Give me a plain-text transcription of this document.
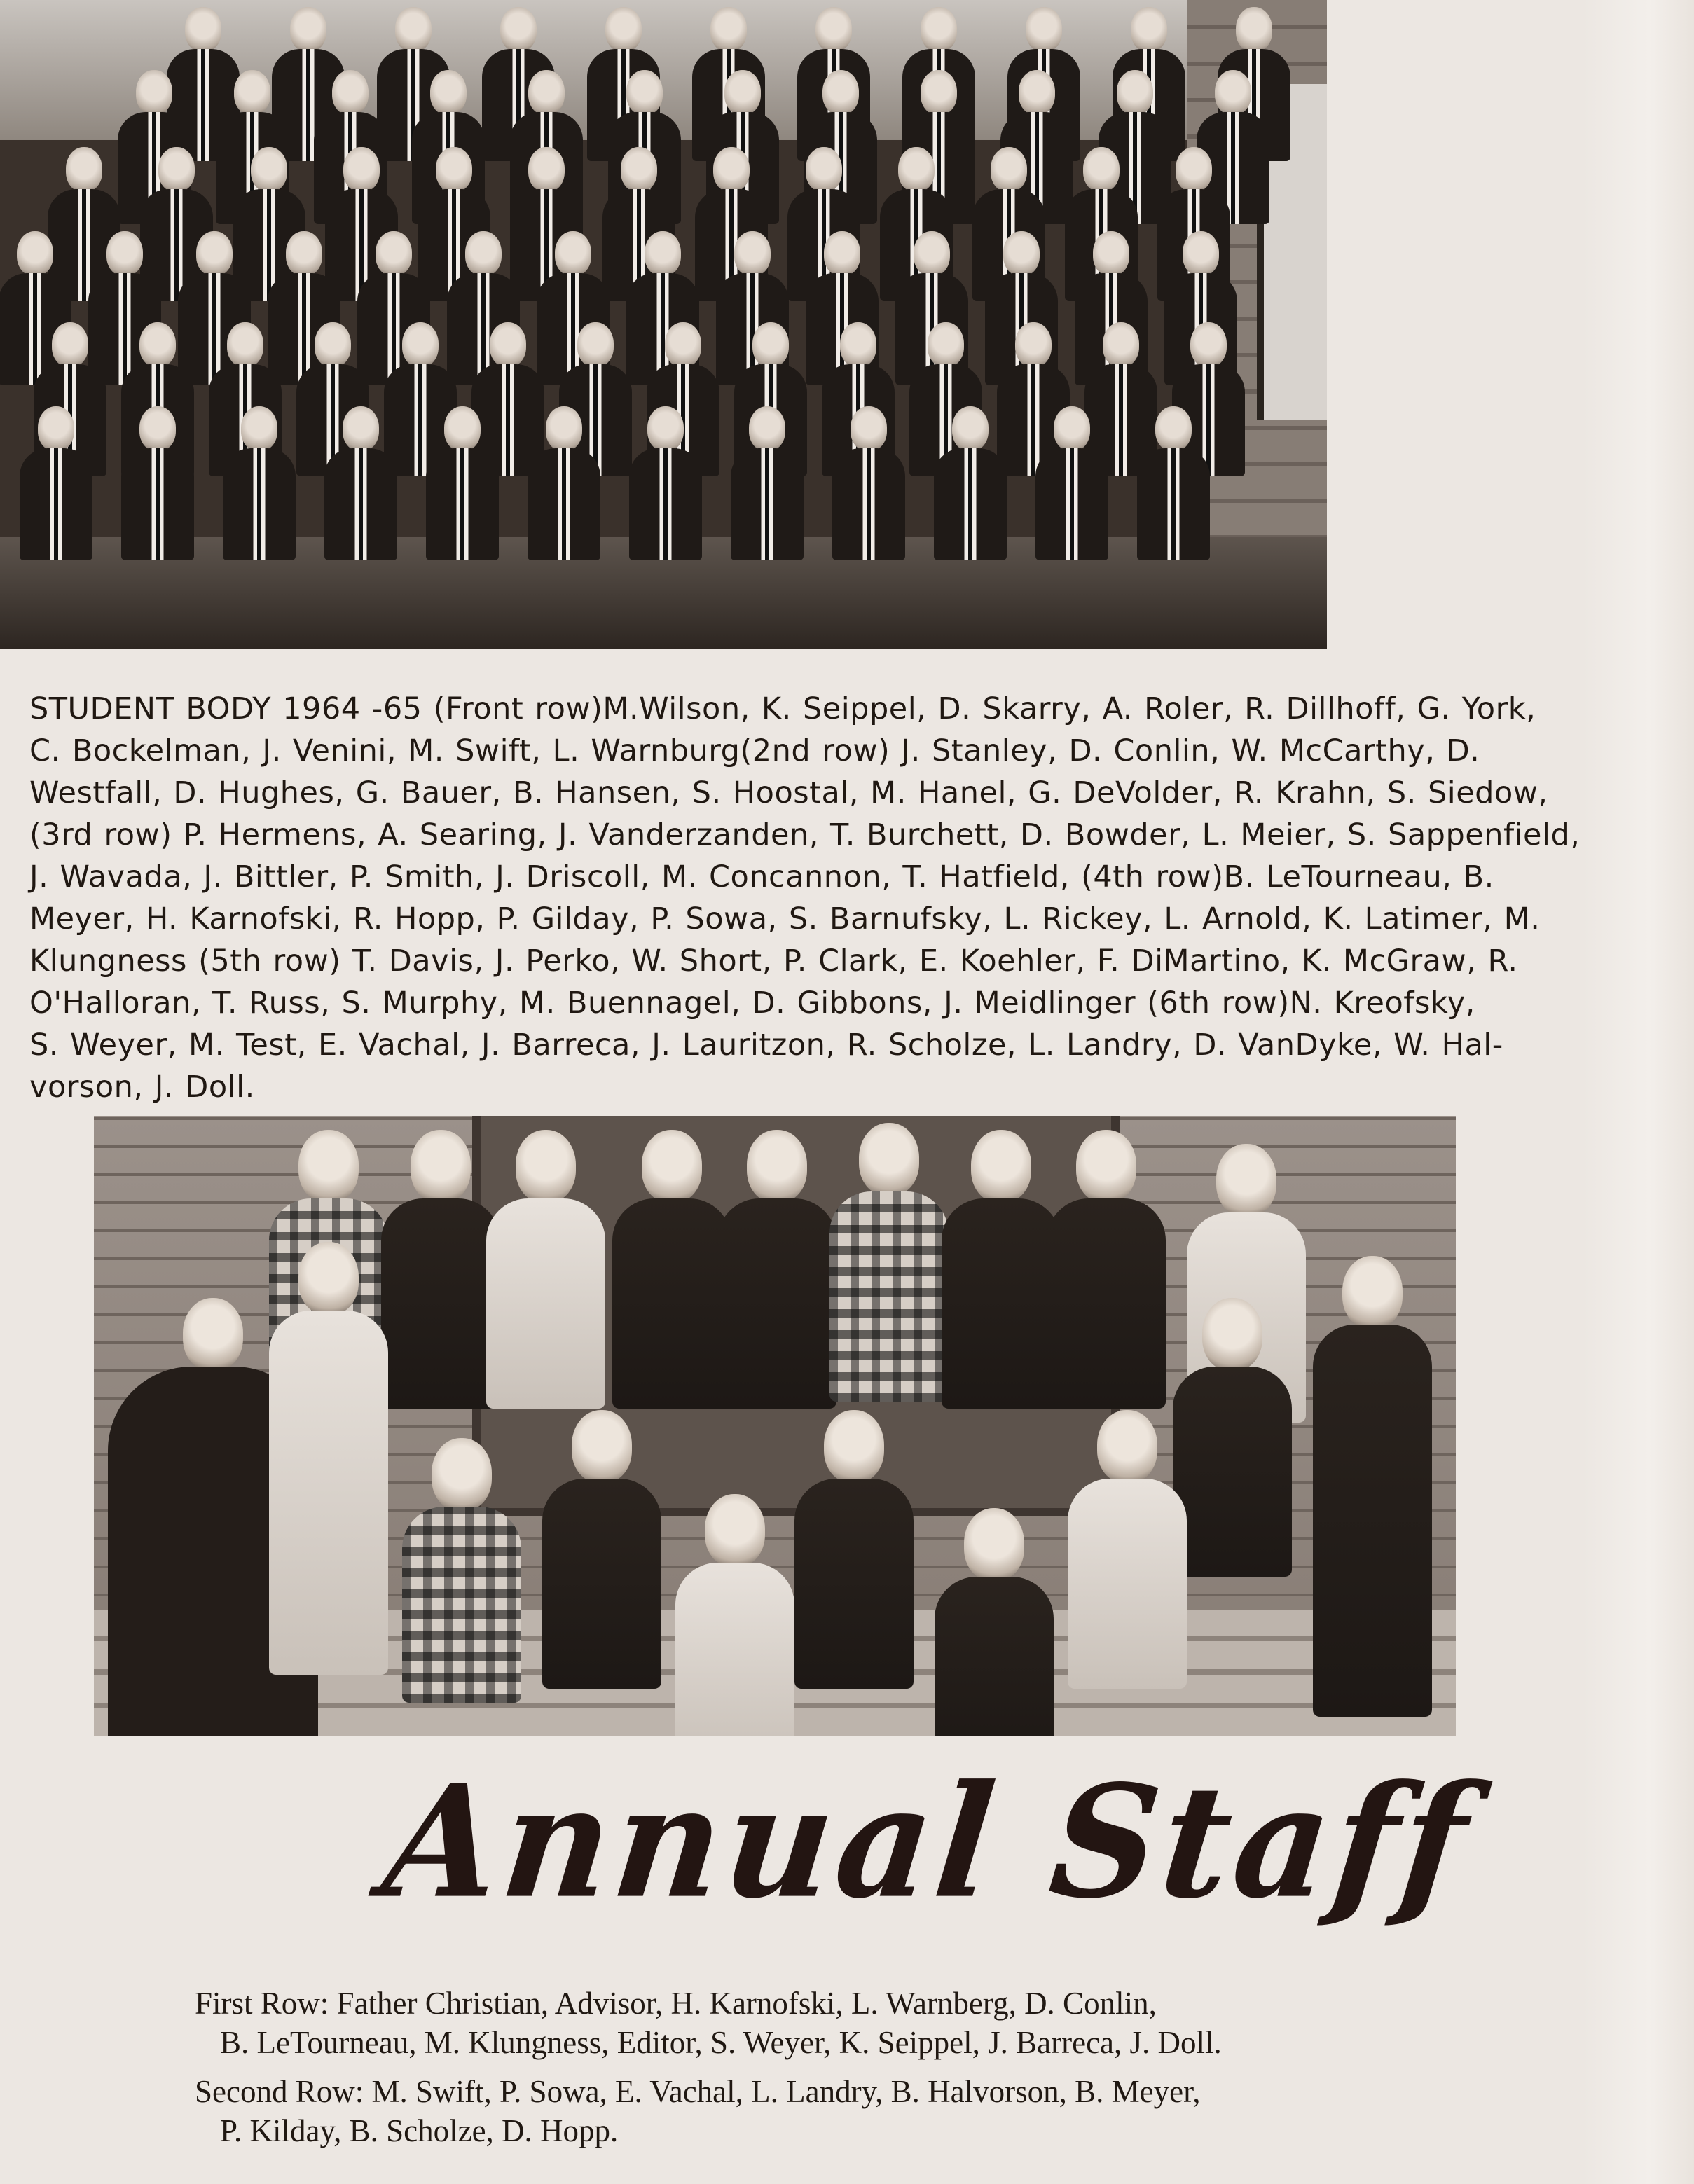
STUDENT BODY 1964 -65 (Front row)M.Wilson, K. Seippel, D. Skarry, A. Roler, R. Dillhoff, G. York,
C. Bockelman, J. Venini, M. Swift, L. Warnburg(2nd row) J. Stanley, D. Conlin, W. McCarthy, D.
Westfall, D. Hughes, G. Bauer, B. Hansen, S. Hoostal, M. Hanel, G. DeVolder, R. Krahn, S. Siedow,
(3rd row) P. Hermens, A. Searing, J. Vanderzanden, T. Burchett, D. Bowder, L. Meier, S. Sappenfield,
J. Wavada, J. Bittler, P. Smith, J. Driscoll, M. Concannon, T. Hatfield, (4th row)B. LeTourneau, B.
Meyer, H. Karnofski, R. Hopp, P. Gilday, P. Sowa, S. Barnufsky, L. Rickey, L. Arnold, K. Latimer, M.
Klungness (5th row) T. Davis, J. Perko, W. Short, P. Clark, E. Koehler, F. DiMartino, K. McGraw, R.
O'Halloran, T. Russ, S. Murphy, M. Buennagel, D. Gibbons, J. Meidlinger (6th row)N. Kreofsky,
S. Weyer, M. Test, E. Vachal, J. Barreca, J. Lauritzon, R. Scholze, L. Landry, D. VanDyke, W. Hal-
vorson, J. Doll.
Annual Staff
First Row: Father Christian, Advisor, H. Karnofski, L. Warnberg, D. Conlin,
B. LeTourneau, M. Klungness, Editor, S. Weyer, K. Seippel, J. Barreca, J. Doll.
Second Row: M. Swift, P. Sowa, E. Vachal, L. Landry, B. Halvorson, B. Meyer,
P. Kilday, B. Scholze, D. Hopp.
